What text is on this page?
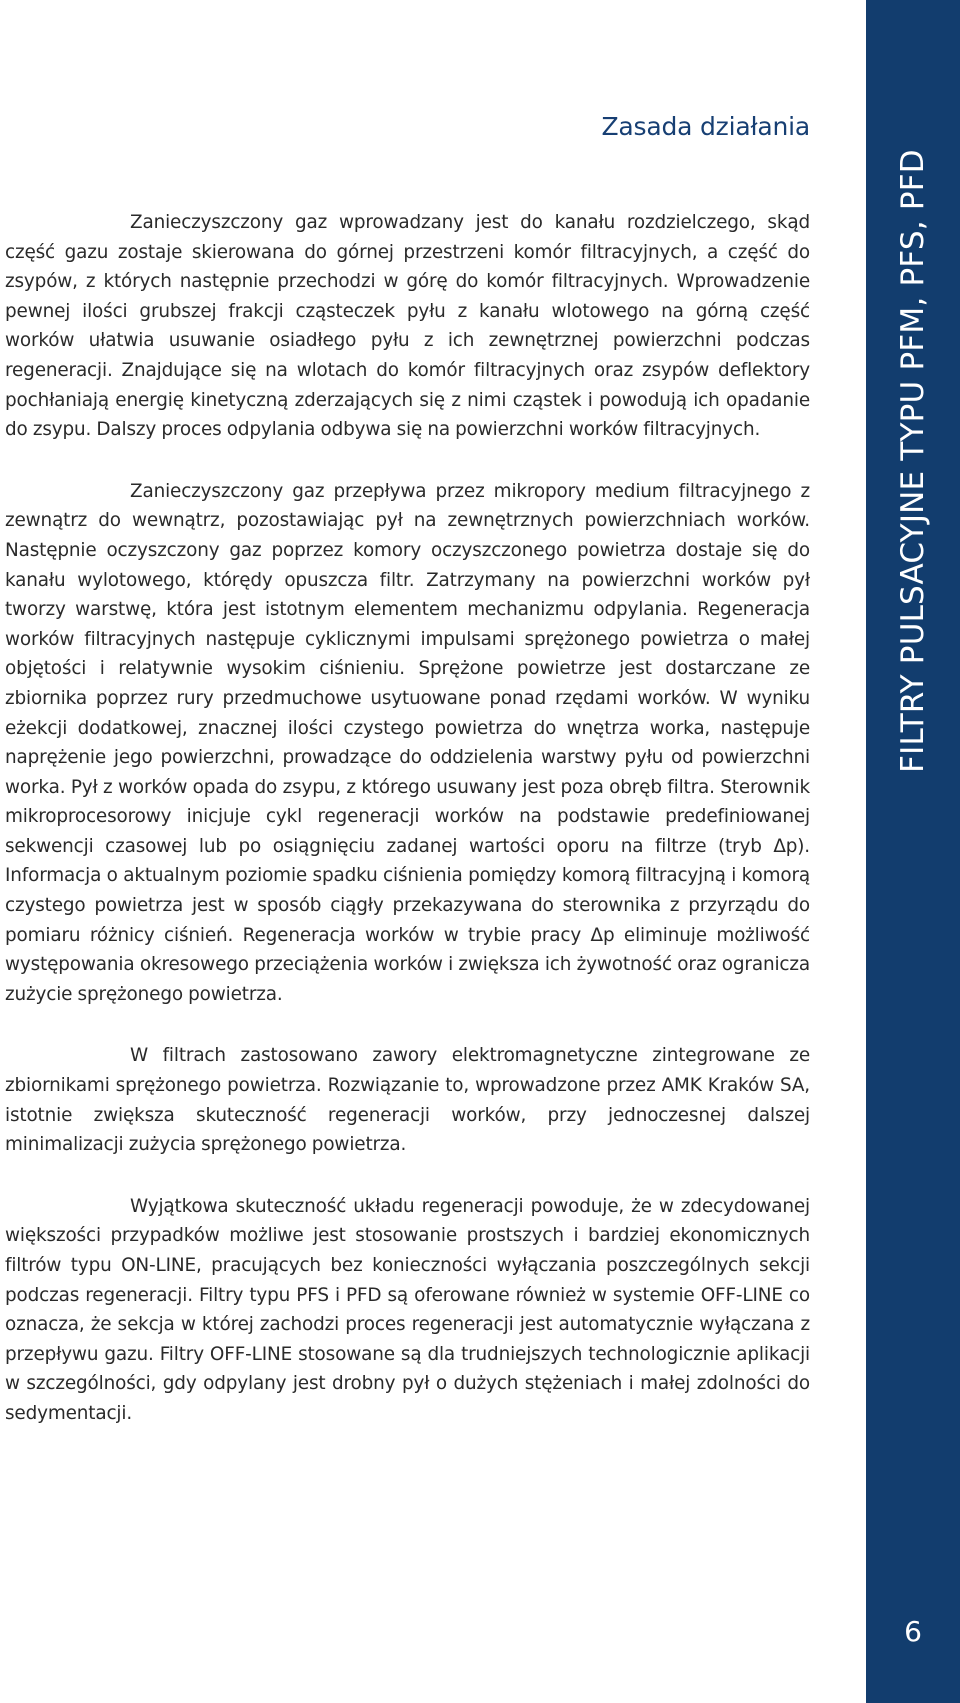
Zasada działania

Zanieczyszczony gaz wprowadzany jest do kanału rozdzielczego, skąd część gazu zostaje skierowana do górnej przestrzeni komór filtracyjnych, a część do zsypów, z których następnie przechodzi w górę do komór filtracyjnych. Wprowadzenie pewnej ilości grubszej frakcji cząsteczek pyłu z kanału wlotowego na górną część worków ułatwia usuwanie osiadłego pyłu z ich zewnętrznej powierzchni podczas regeneracji. Znajdujące się na wlotach do komór filtracyjnych oraz zsypów deflektory pochłaniają energię kinetyczną zderzających się z nimi cząstek i powodują ich opadanie do zsypu. Dalszy proces odpylania odbywa się na powierzchni worków filtracyjnych.

Zanieczyszczony gaz przepływa przez mikropory medium filtracyjnego z zewnątrz do wewnątrz, pozostawiając pył na zewnętrznych powierzchniach worków. Następnie oczyszczony gaz poprzez komory oczyszczonego powietrza dostaje się do kanału wylotowego, którędy opuszcza filtr. Zatrzymany na powierzchni worków pył tworzy warstwę, która jest istotnym elementem mechanizmu odpylania. Regeneracja worków filtracyjnych następuje cyklicznymi impulsami sprężonego powietrza o małej objętości i relatywnie wysokim ciśnieniu. Sprężone powietrze jest dostarczane ze zbiornika poprzez rury przedmuchowe usytuowane ponad rzędami worków. W wyniku eżekcji dodatkowej, znacznej ilości czystego powietrza do wnętrza worka, następuje naprężenie jego powierzchni, prowadzące do oddzielenia warstwy pyłu od powierzchni worka. Pył z worków opada do zsypu, z którego usuwany jest poza obręb filtra. Sterownik mikroprocesorowy inicjuje cykl regeneracji worków na podstawie predefiniowanej sekwencji czasowej lub po osiągnięciu zadanej wartości oporu na filtrze (tryb Δp). Informacja o aktualnym poziomie spadku ciśnienia pomiędzy komorą filtracyjną i komorą czystego powietrza jest w sposób ciągły przekazywana do sterownika z przyrządu do pomiaru różnicy ciśnień. Regeneracja worków w trybie pracy Δp eliminuje możliwość występowania okresowego przeciążenia worków i zwiększa ich żywotność oraz ogranicza zużycie sprężonego powietrza.

W filtrach zastosowano zawory elektromagnetyczne zintegrowane ze zbiornikami sprężonego powietrza. Rozwiązanie to, wprowadzone przez AMK Kraków SA, istotnie zwiększa skuteczność regeneracji worków, przy jednoczesnej dalszej minimalizacji zużycia sprężonego powietrza.

Wyjątkowa skuteczność układu regeneracji powoduje, że w zdecydowanej większości przypadków możliwe jest stosowanie prostszych i bardziej ekonomicznych filtrów typu ON-LINE, pracujących bez konieczności wyłączania poszczególnych sekcji podczas regeneracji. Filtry typu PFS i PFD są oferowane również w systemie OFF-LINE co oznacza, że sekcja w której zachodzi proces regeneracji jest automatycznie wyłączana z przepływu gazu. Filtry OFF-LINE stosowane są dla trudniejszych technologicznie aplikacji w szczególności, gdy odpylany jest drobny pył o dużych stężeniach i małej zdolności do sedymentacji.

FILTRY PULSACYJNE TYPU PFM, PFS, PFD
6
